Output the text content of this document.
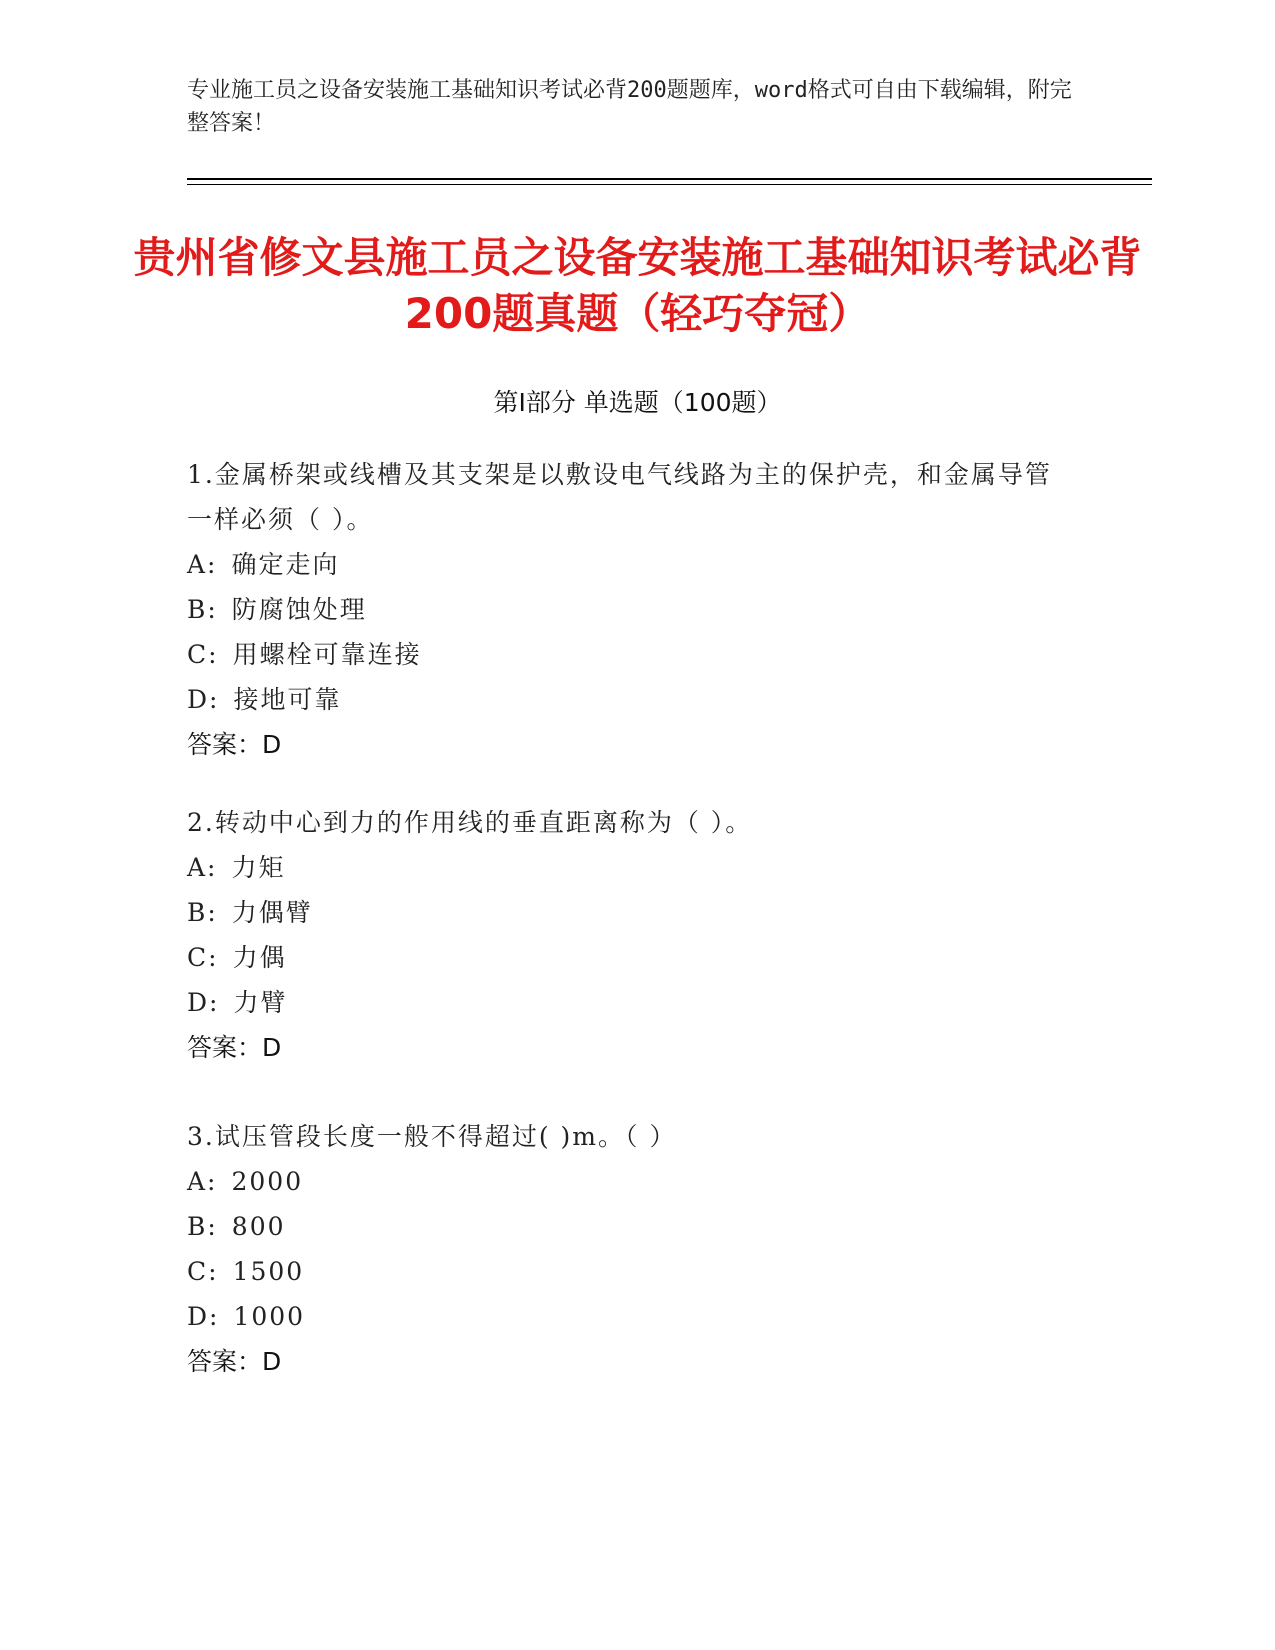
专业施工员之设备安装施工基础知识考试必背200题题库，word格式可自由下载编辑，附完整答案！
贵州省修文县施工员之设备安装施工基础知识考试必背200题真题（轻巧夺冠）
第I部分 单选题（100题）
1.金属桥架或线槽及其支架是以敷设电气线路为主的保护壳，和金属导管一样必须（ ）。
A: 确定走向
B: 防腐蚀处理
C: 用螺栓可靠连接
D: 接地可靠
答案：D
2.转动中心到力的作用线的垂直距离称为（ ）。
A: 力矩
B: 力偶臂
C: 力偶
D: 力臂
答案：D
3.试压管段长度一般不得超过( )m。（ ）
A: 2000
B: 800
C: 1500
D: 1000
答案：D
